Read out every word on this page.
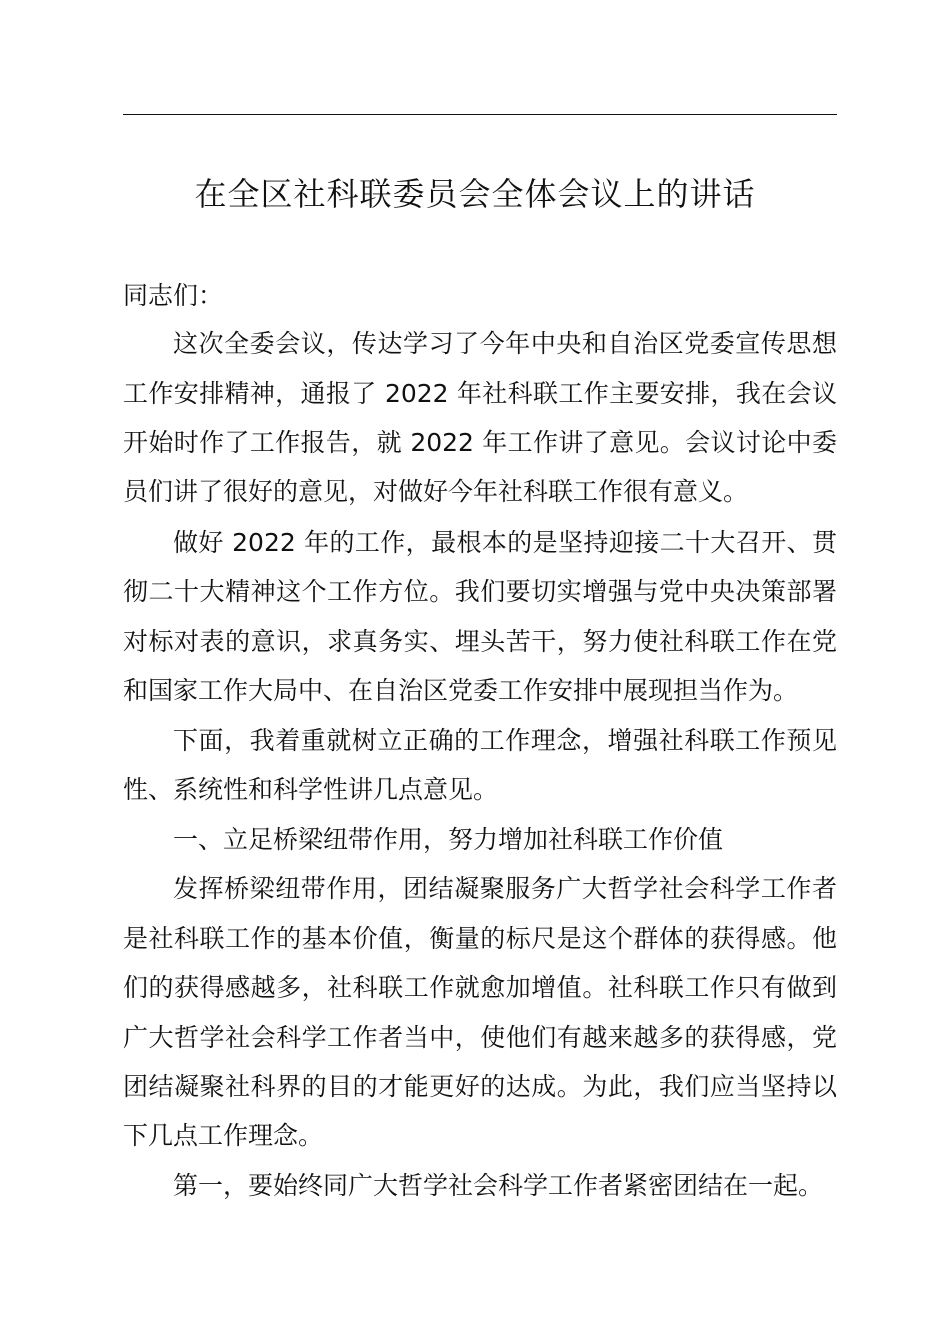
在全区社科联委员会全体会议上的讲话
同志们：
这次全委会议，传达学习了今年中央和自治区党委宣传思想
工作安排精神，通报了 2022 年社科联工作主要安排，我在会议
开始时作了工作报告，就 2022 年工作讲了意见。会议讨论中委
员们讲了很好的意见，对做好今年社科联工作很有意义。
做好 2022 年的工作，最根本的是坚持迎接二十大召开、贯
彻二十大精神这个工作方位。我们要切实增强与党中央决策部署
对标对表的意识，求真务实、埋头苦干，努力使社科联工作在党
和国家工作大局中、在自治区党委工作安排中展现担当作为。
下面，我着重就树立正确的工作理念，增强社科联工作预见
性、系统性和科学性讲几点意见。
一、立足桥梁纽带作用，努力增加社科联工作价值
发挥桥梁纽带作用，团结凝聚服务广大哲学社会科学工作者
是社科联工作的基本价值，衡量的标尺是这个群体的获得感。他
们的获得感越多，社科联工作就愈加增值。社科联工作只有做到
广大哲学社会科学工作者当中，使他们有越来越多的获得感，党
团结凝聚社科界的目的才能更好的达成。为此，我们应当坚持以
下几点工作理念。
第一，要始终同广大哲学社会科学工作者紧密团结在一起。
